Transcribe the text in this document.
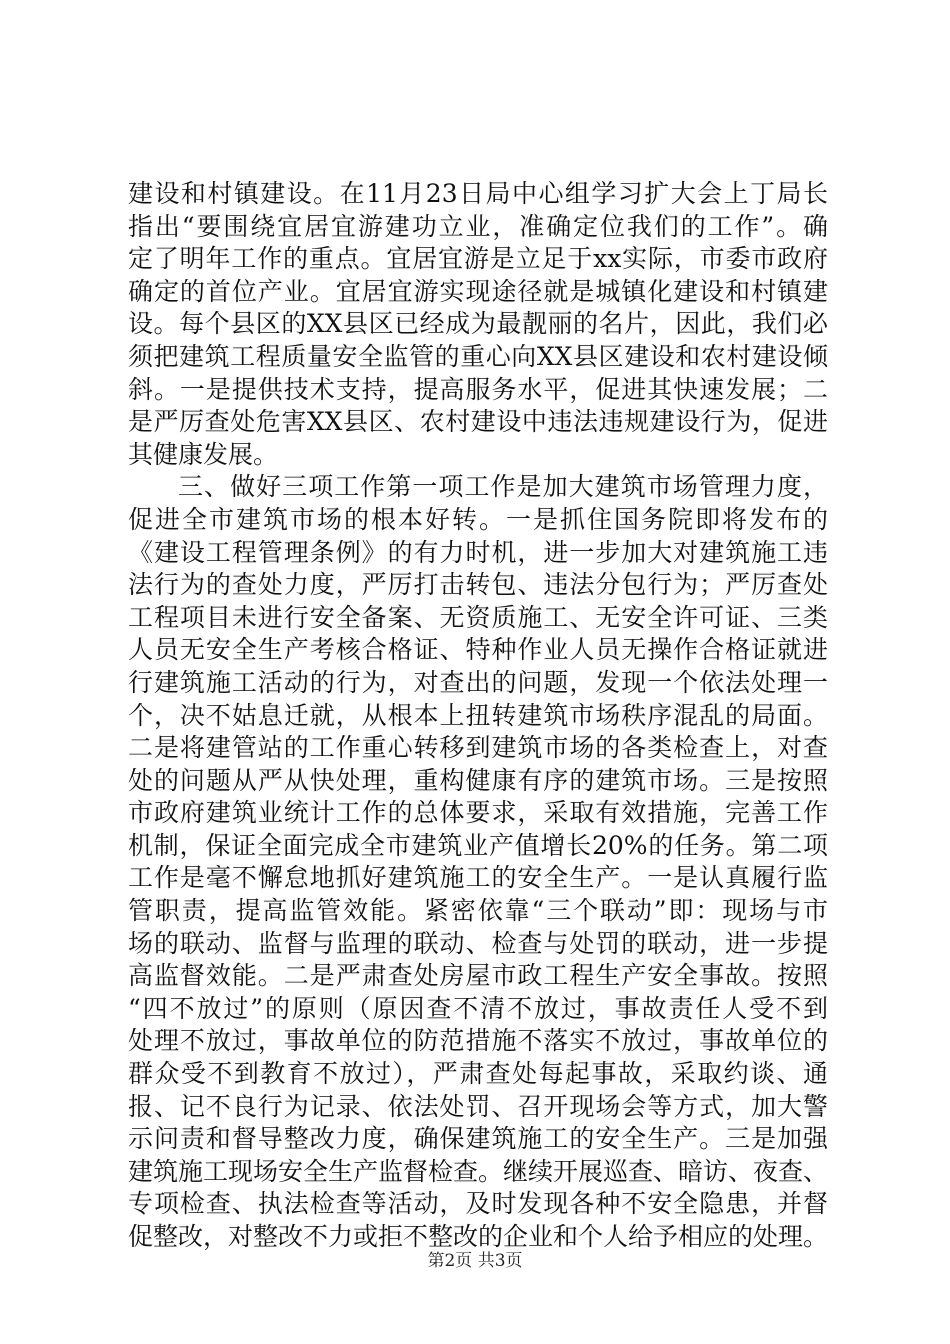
建设和村镇建设。在11月23日局中心组学习扩大会上丁局长
指出“要围绕宜居宜游建功立业，准确定位我们的工作”。确
定了明年工作的重点。宜居宜游是立足于xx实际，市委市政府
确定的首位产业。宜居宜游实现途径就是城镇化建设和村镇建
设。每个县区的XX县区已经成为最靓丽的名片，因此，我们必
须把建筑工程质量安全监管的重心向XX县区建设和农村建设倾
斜。一是提供技术支持，提高服务水平，促进其快速发展；二
是严厉查处危害XX县区、农村建设中违法违规建设行为，促进
其健康发展。
三、做好三项工作第一项工作是加大建筑市场管理力度，
促进全市建筑市场的根本好转。一是抓住国务院即将发布的
《建设工程管理条例》的有力时机，进一步加大对建筑施工违
法行为的查处力度，严厉打击转包、违法分包行为；严厉查处
工程项目未进行安全备案、无资质施工、无安全许可证、三类
人员无安全生产考核合格证、特种作业人员无操作合格证就进
行建筑施工活动的行为，对查出的问题，发现一个依法处理一
个，决不姑息迁就，从根本上扭转建筑市场秩序混乱的局面。
二是将建管站的工作重心转移到建筑市场的各类检查上，对查
处的问题从严从快处理，重构健康有序的建筑市场。三是按照
市政府建筑业统计工作的总体要求，采取有效措施，完善工作
机制，保证全面完成全市建筑业产值增长20%的任务。第二项
工作是毫不懈怠地抓好建筑施工的安全生产。一是认真履行监
管职责，提高监管效能。紧密依靠“三个联动”即：现场与市
场的联动、监督与监理的联动、检查与处罚的联动，进一步提
高监督效能。二是严肃查处房屋市政工程生产安全事故。按照
“四不放过”的原则（原因查不清不放过，事故责任人受不到
处理不放过，事故单位的防范措施不落实不放过，事故单位的
群众受不到教育不放过），严肃查处每起事故，采取约谈、通
报、记不良行为记录、依法处罚、召开现场会等方式，加大警
示问责和督导整改力度，确保建筑施工的安全生产。三是加强
建筑施工现场安全生产监督检查。继续开展巡查、暗访、夜查、
专项检查、执法检查等活动，及时发现各种不安全隐患，并督
促整改，对整改不力或拒不整改的企业和个人给予相应的处理。
第2页 共3页
